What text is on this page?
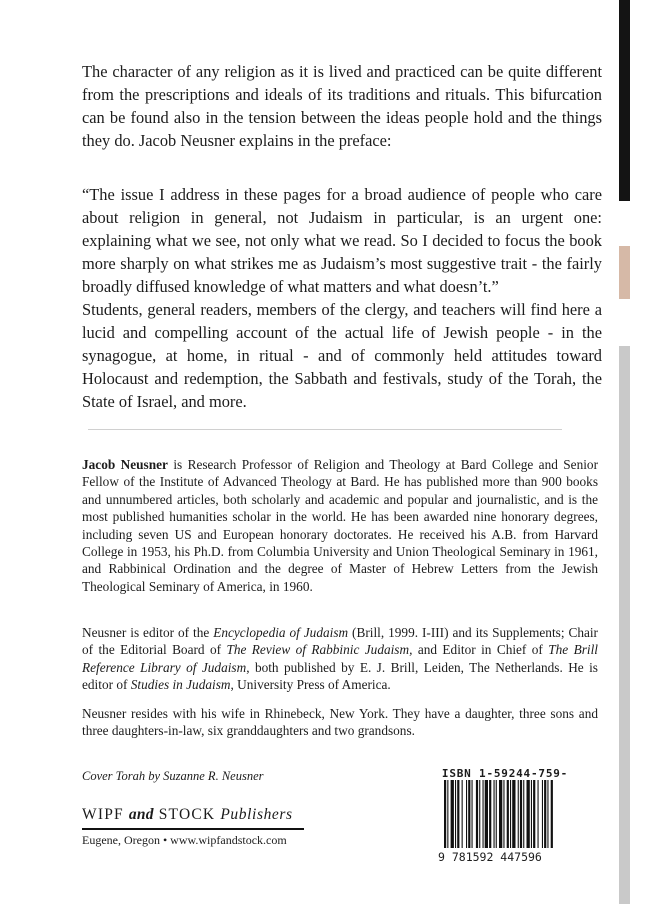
The character of any religion as it is lived and practiced can be quite different from the prescriptions and ideals of its traditions and rituals. This bifurcation can be found also in the tension between the ideas people hold and the things they do. Jacob Neusner explains in the preface:

“The issue I address in these pages for a broad audience of people who care about religion in general, not Judaism in particular, is an urgent one: explaining what we see, not only what we read. So I decided to focus the book more sharply on what strikes me as Judaism’s most suggestive trait - the fairly broadly diffused knowledge of what matters and what doesn’t.”

Students, general readers, members of the clergy, and teachers will find here a lucid and compelling account of the actual life of Jewish people - in the synagogue, at home, in ritual - and of commonly held attitudes toward Holocaust and redemption, the Sabbath and festivals, study of the Torah, the State of Israel, and more.

Jacob Neusner is Research Professor of Religion and Theology at Bard College and Senior Fellow of the Institute of Advanced Theology at Bard. He has published more than 900 books and unnumbered articles, both scholarly and academic and popular and journalistic, and is the most published humanities scholar in the world. He has been awarded nine honorary degrees, including seven US and European honorary doctorates. He received his A.B. from Harvard College in 1953, his Ph.D. from Columbia University and Union Theological Seminary in 1961, and Rabbinical Ordination and the degree of Master of Hebrew Letters from the Jewish Theological Seminary of America, in 1960.

Neusner is editor of the Encyclopedia of Judaism (Brill, 1999. I-III) and its Supplements; Chair of the Editorial Board of The Review of Rabbinic Judaism, and Editor in Chief of The Brill Reference Library of Judaism, both published by E. J. Brill, Leiden, The Netherlands. He is editor of Studies in Judaism, University Press of America.

Neusner resides with his wife in Rhinebeck, New York. They have a daughter, three sons and three daughters-in-law, six granddaughters and two grandsons.

Cover Torah by Suzanne R. Neusner

WIPF and STOCK Publishers

Eugene, Oregon • www.wipfandstock.com

ISBN 1-59244-759-

9 781592 447596
